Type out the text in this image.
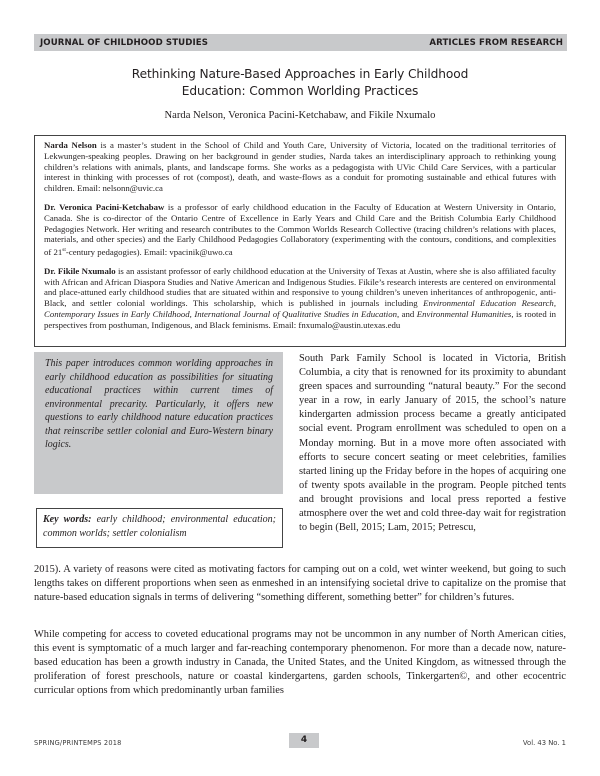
JOURNAL OF CHILDHOOD STUDIES	ARTICLES FROM RESEARCH
Rethinking Nature-Based Approaches in Early Childhood
Education: Common Worlding Practices
Narda Nelson, Veronica Pacini-Ketchabaw, and Fikile Nxumalo

Narda Nelson is a master’s student in the School of Child and Youth Care, University of Victoria, located on the traditional territories of Lekwungen-speaking peoples. Drawing on her background in gender studies, Narda takes an interdisciplinary approach to rethinking young children’s relations with animals, plants, and landscape forms. She works as a pedagogista with UVic Child Care Services, with a particular interest in thinking with processes of rot (compost), death, and waste-flows as a conduit for promoting sustainable and ethical futures with children. Email: nelsonn@uvic.ca

Dr. Veronica Pacini-Ketchabaw is a professor of early childhood education in the Faculty of Education at Western University in Ontario, Canada. She is co-director of the Ontario Centre of Excellence in Early Years and Child Care and the British Columbia Early Childhood Pedagogies Network. Her writing and research contributes to the Common Worlds Research Collective (tracing children’s relations with places, materials, and other species) and the Early Childhood Pedagogies Collaboratory (experimenting with the contours, conditions, and complexities of 21st-century pedagogies). Email: vpacinik@uwo.ca

Dr. Fikile Nxumalo is an assistant professor of early childhood education at the University of Texas at Austin, where she is also affiliated faculty with African and African Diaspora Studies and Native American and Indigenous Studies. Fikile’s research interests are centered on environmental and place-attuned early childhood studies that are situated within and responsive to young children’s uneven inheritances of anthropogenic, anti-Black, and settler colonial worldings. This scholarship, which is published in journals including Environmental Education Research, Contemporary Issues in Early Childhood, International Journal of Qualitative Studies in Education, and Environmental Humanities, is rooted in perspectives from posthuman, Indigenous, and Black feminisms. Email: fnxumalo@austin.utexas.edu

This paper introduces common worlding approaches in early childhood education as possibilities for situating educational practices within current times of environmental precarity. Particularly, it offers new questions to early childhood nature education practices that reinscribe settler colonial and Euro-Western binary logics.

Key words: early childhood; environmental education; common worlds; settler colonialism

South Park Family School is located in Victoria, British Columbia, a city that is renowned for its proximity to abundant green spaces and surrounding “natural beauty.” For the second year in a row, in early January of 2015, the school’s nature kindergarten admission process became a greatly anticipated social event. Program enrollment was scheduled to open on a Monday morning. But in a move more often associated with efforts to secure concert seating or meet celebrities, families started lining up the Friday before in the hopes of acquiring one of twenty spots available in the program. People pitched tents and brought provisions and local press reported a festive atmosphere over the wet and cold three-day wait for registration to begin (Bell, 2015; Lam, 2015; Petrescu,

2015). A variety of reasons were cited as motivating factors for camping out on a cold, wet winter weekend, but going to such lengths takes on different proportions when seen as enmeshed in an intensifying societal drive to capitalize on the promise that nature-based education signals in terms of delivering “something different, something better” for children’s futures.

While competing for access to coveted educational programs may not be uncommon in any number of North American cities, this event is symptomatic of a much larger and far-reaching contemporary phenomenon. For more than a decade now, nature-based education has been a growth industry in Canada, the United States, and the United Kingdom, as witnessed through the proliferation of forest preschools, nature or coastal kindergartens, garden schools, Tinkergarten©, and other ecocentric curricular options from which predominantly urban families

SPRING/PRINTEMPS 2018	4	Vol. 43 No. 1
